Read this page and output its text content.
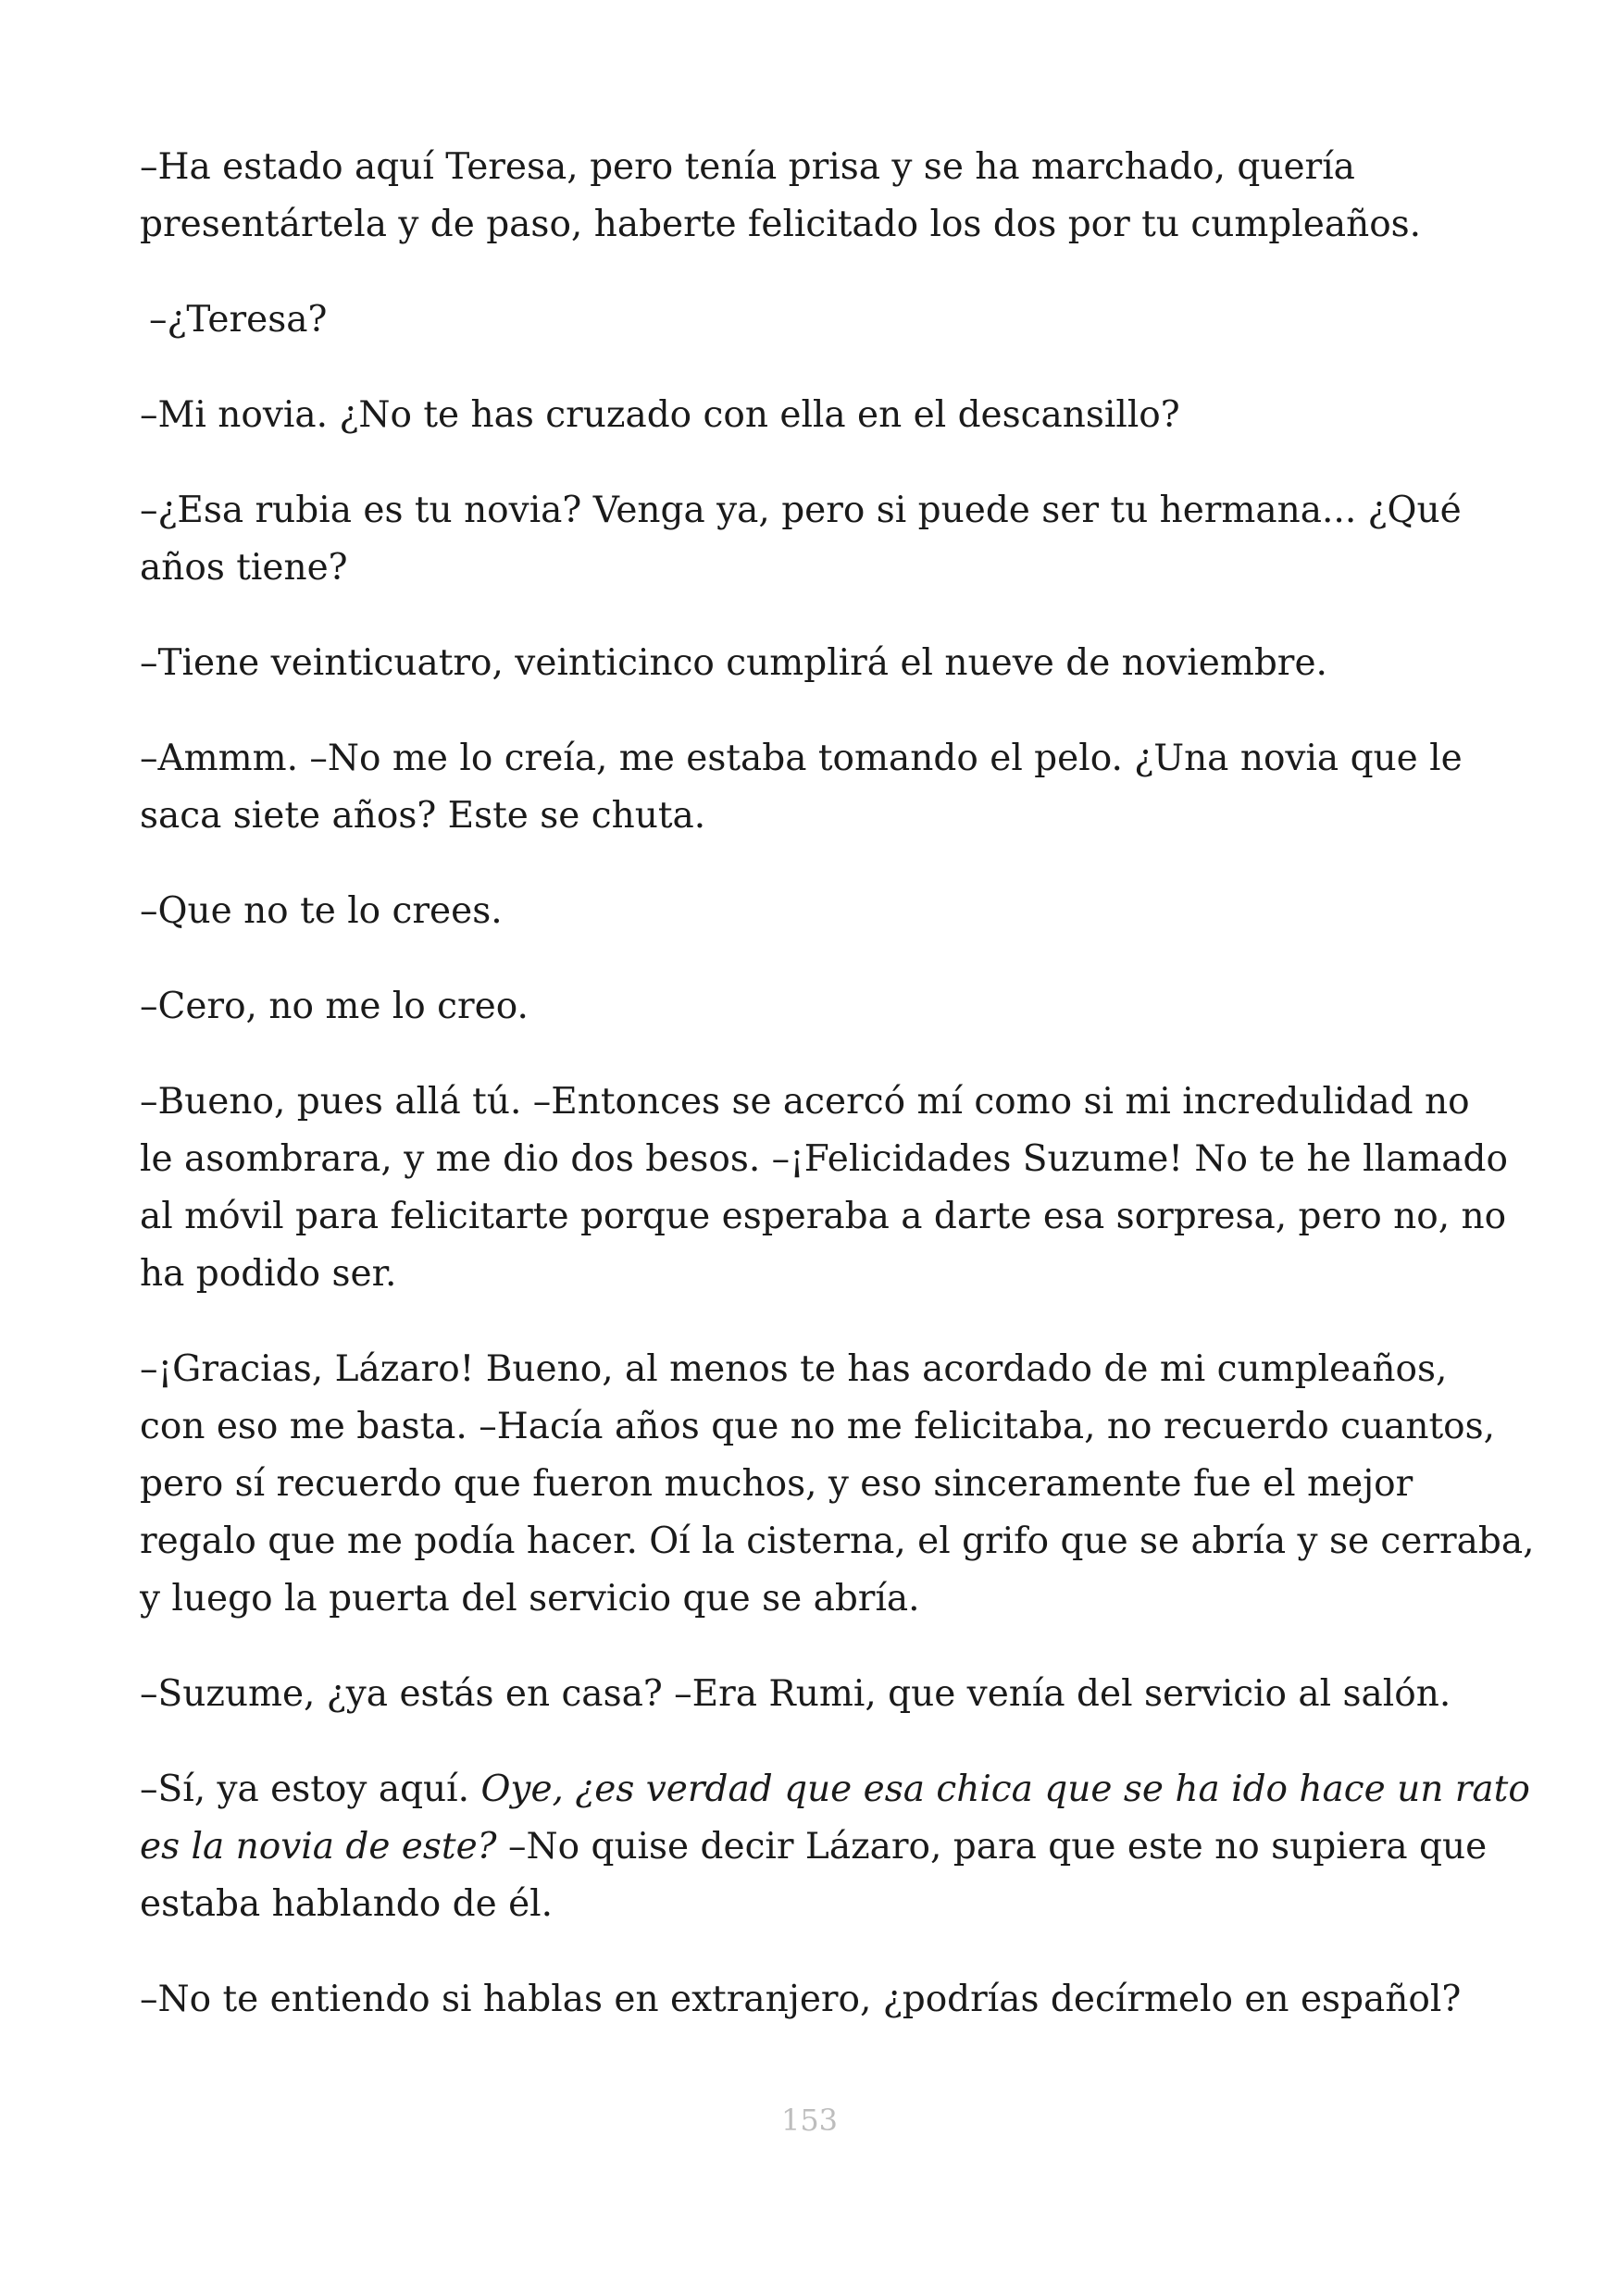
–Ha estado aquí Teresa, pero tenía prisa y se ha marchado, quería
presentártela y de paso, haberte felicitado los dos por tu cumpleaños.

–¿Teresa?

–Mi novia. ¿No te has cruzado con ella en el descansillo?

–¿Esa rubia es tu novia? Venga ya, pero si puede ser tu hermana... ¿Qué
años tiene?

–Tiene veinticuatro, veinticinco cumplirá el nueve de noviembre.

–Ammm. –No me lo creía, me estaba tomando el pelo. ¿Una novia que le
saca siete años? Este se chuta.

–Que no te lo crees.

–Cero, no me lo creo.

–Bueno, pues allá tú. –Entonces se acercó mí como si mi incredulidad no
le asombrara, y me dio dos besos. –¡Felicidades Suzume! No te he llamado
al móvil para felicitarte porque esperaba a darte esa sorpresa, pero no, no
ha podido ser.

–¡Gracias, Lázaro! Bueno, al menos te has acordado de mi cumpleaños,
con eso me basta. –Hacía años que no me felicitaba, no recuerdo cuantos,
pero sí recuerdo que fueron muchos, y eso sinceramente fue el mejor
regalo que me podía hacer. Oí la cisterna, el grifo que se abría y se cerraba,
y luego la puerta del servicio que se abría.

–Suzume, ¿ya estás en casa? –Era Rumi, que venía del servicio al salón.

–Sí, ya estoy aquí. Oye, ¿es verdad que esa chica que se ha ido hace un rato
es la novia de este? –No quise decir Lázaro, para que este no supiera que
estaba hablando de él.

–No te entiendo si hablas en extranjero, ¿podrías decírmelo en español?

153
